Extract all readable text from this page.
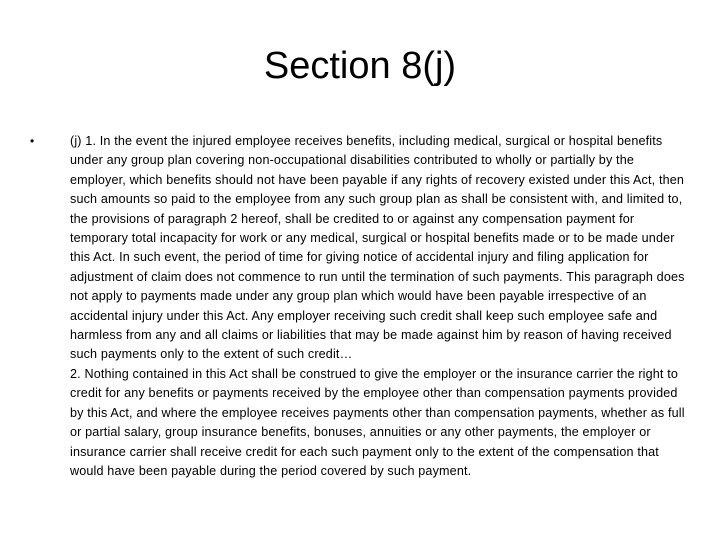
Section 8(j)
•	(j) 1. In the event the injured employee receives benefits, including medical, surgical or hospital benefits under any group plan covering non-occupational disabilities contributed to wholly or partially by the employer, which benefits should not have been payable if any rights of recovery existed under this Act, then such amounts so paid to the employee from any such group plan as shall be consistent with, and limited to, the provisions of paragraph 2 hereof, shall be credited to or against any compensation payment for temporary total incapacity for work or any medical, surgical or hospital benefits made or to be made under this Act. In such event, the period of time for giving notice of accidental injury and filing application for adjustment of claim does not commence to run until the termination of such payments. This paragraph does not apply to payments made under any group plan which would have been payable irrespective of an accidental injury under this Act. Any employer receiving such credit shall keep such employee safe and harmless from any and all claims or liabilities that may be made against him by reason of having received such payments only to the extent of such credit…
2. Nothing contained in this Act shall be construed to give the employer or the insurance carrier the right to credit for any benefits or payments received by the employee other than compensation payments provided by this Act, and where the employee receives payments other than compensation payments, whether as full or partial salary, group insurance benefits, bonuses, annuities or any other payments, the employer or insurance carrier shall receive credit for each such payment only to the extent of the compensation that would have been payable during the period covered by such payment.
